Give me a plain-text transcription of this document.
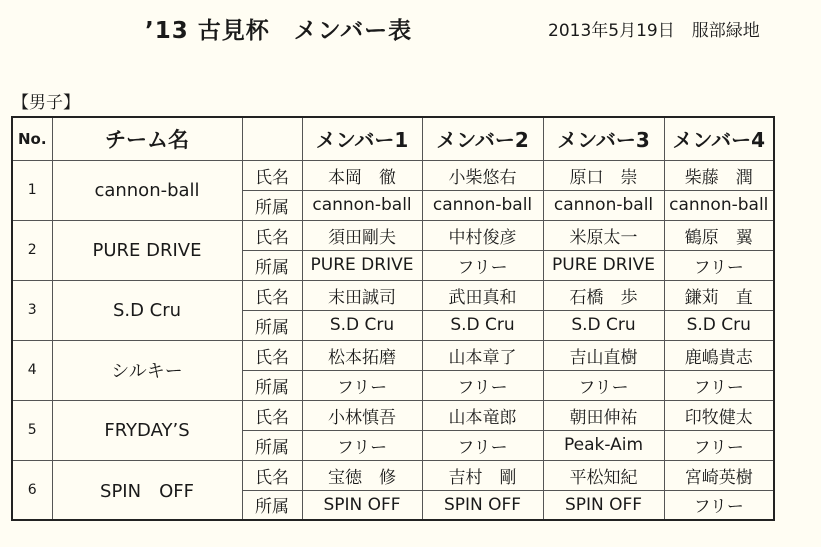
’13 古見杯　メンバー表	2013年5月19日　服部緑地
【男子】
No.	チーム名		メンバー1	メンバー2	メンバー3	メンバー4
1	cannon-ball	氏名	本岡　徹	小柴悠右	原口　崇	柴藤　潤
		所属	cannon-ball	cannon-ball	cannon-ball	cannon-ball
2	PURE DRIVE	氏名	須田剛夫	中村俊彦	米原太一	鶴原　翼
		所属	PURE DRIVE	フリー	PURE DRIVE	フリー
3	S.D Cru	氏名	末田誠司	武田真和	石橋　歩	鎌苅　直
		所属	S.D Cru	S.D Cru	S.D Cru	S.D Cru
4	シルキー	氏名	松本拓磨	山本章了	吉山直樹	鹿嶋貴志
		所属	フリー	フリー	フリー	フリー
5	FRYDAY’S	氏名	小林慎吾	山本竜郎	朝田伸祐	印牧健太
		所属	フリー	フリー	Peak-Aim	フリー
6	SPIN　OFF	氏名	宝徳　修	吉村　剛	平松知紀	宮崎英樹
		所属	SPIN OFF	SPIN OFF	SPIN OFF	フリー
